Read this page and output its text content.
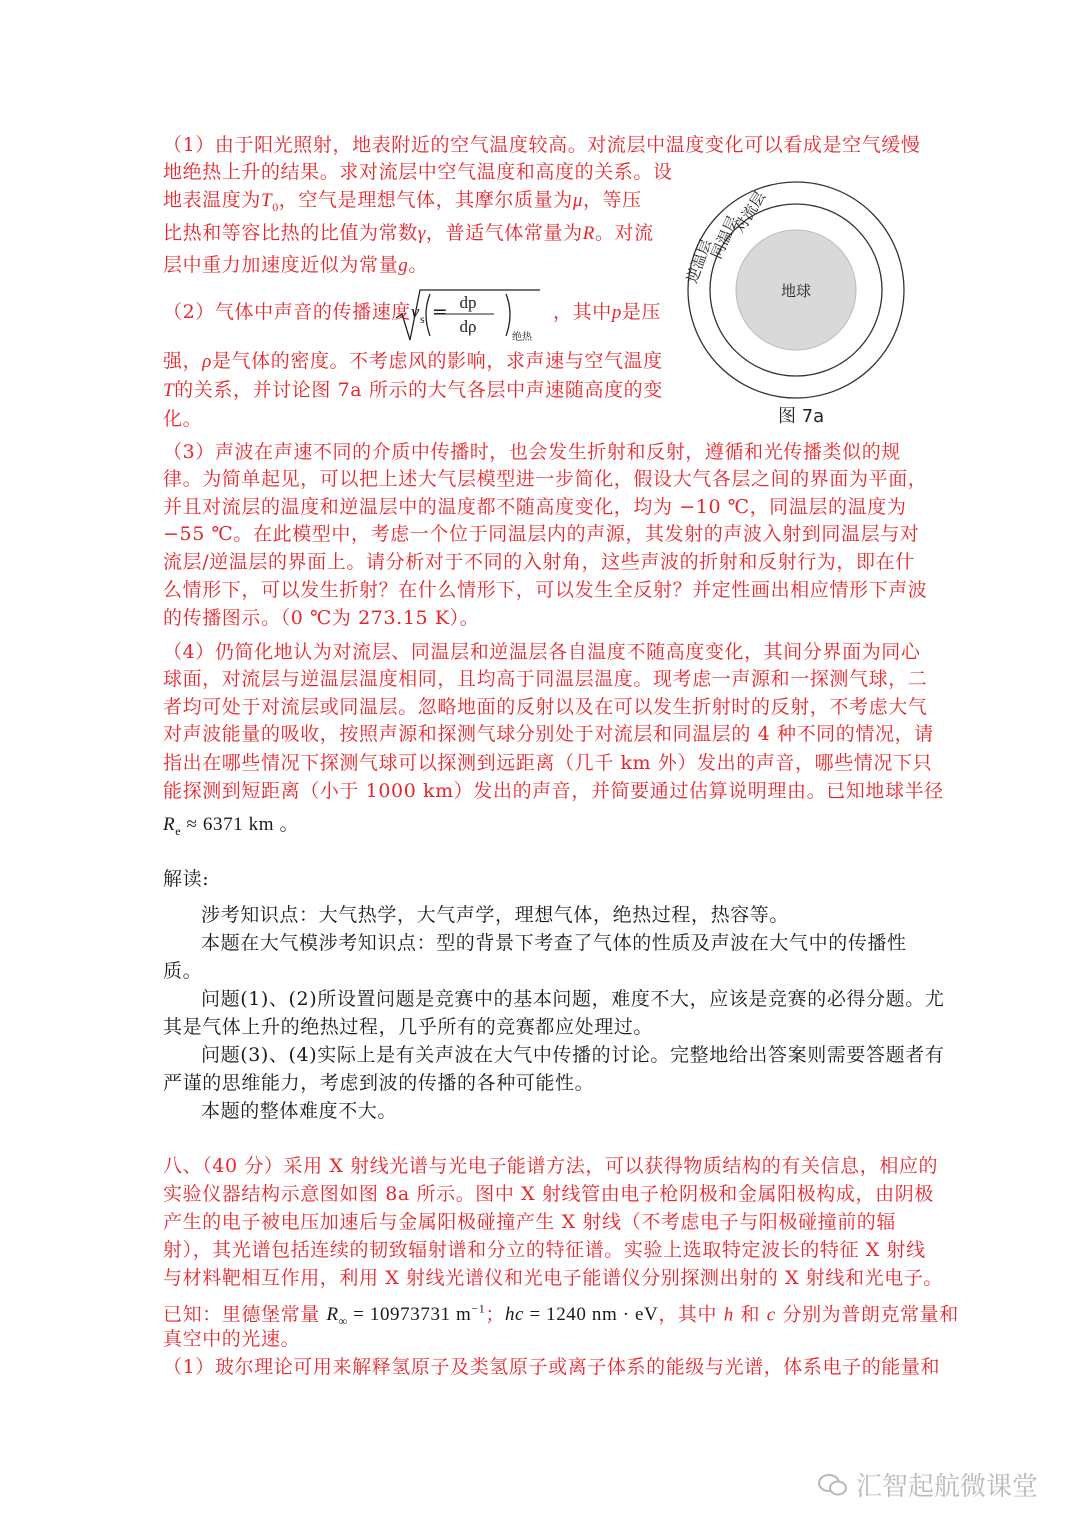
（1）由于阳光照射，地表附近的空气温度较高。对流层中温度变化可以看成是空气缓慢
地绝热上升的结果。求对流层中空气温度和高度的关系。设
地表温度为$T_0$，空气是理想气体，其摩尔质量为μ，等压
比热和等容比热的比值为常数γ，普适气体常量为R。对流
层中重力加速度近似为常量g。
（2）气体中声音的传播速度$v_s$ = dp
dρ
绝热
，其中p是压
强，ρ是气体的密度。不考虑风的影响，求声速与空气温度
T的关系，并讨论图 7a 所示的大气各层中声速随高度的变
化。
地球
对流层
同温层
逆温层
图 7a
（3）声波在声速不同的介质中传播时，也会发生折射和反射，遵循和光传播类似的规
律。为简单起见，可以把上述大气层模型进一步简化，假设大气各层之间的界面为平面，
并且对流层的温度和逆温层中的温度都不随高度变化，均为 −10 ℃，同温层的温度为
−55 ℃。在此模型中，考虑一个位于同温层内的声源，其发射的声波入射到同温层与对
流层/逆温层的界面上。请分析对于不同的入射角，这些声波的折射和反射行为，即在什
么情形下，可以发生折射？在什么情形下，可以发生全反射？并定性画出相应情形下声波
的传播图示。（0 ℃为 273.15 K）。
（4）仍简化地认为对流层、同温层和逆温层各自温度不随高度变化，其间分界面为同心
球面，对流层与逆温层温度相同，且均高于同温层温度。现考虑一声源和一探测气球，二
者均可处于对流层或同温层。忽略地面的反射以及在可以发生折射时的反射，不考虑大气
对声波能量的吸收，按照声源和探测气球分别处于对流层和同温层的 4 种不同的情况，请
指出在哪些情况下探测气球可以探测到远距离（几千 km 外）发出的声音，哪些情况下只
能探测到短距离（小于 1000 km）发出的声音，并简要通过估算说明理由。已知地球半径
$R_e \approx 6371$ km 。
解读:
涉考知识点：大气热学，大气声学，理想气体，绝热过程，热容等。
本题在大气模涉考知识点：型的背景下考查了气体的性质及声波在大气中的传播性
质。
问题(1)、(2)所设置问题是竞赛中的基本问题，难度不大，应该是竞赛的必得分题。尤
其是气体上升的绝热过程，几乎所有的竞赛都应处理过。
问题(3)、(4)实际上是有关声波在大气中传播的讨论。完整地给出答案则需要答题者有
严谨的思维能力，考虑到波的传播的各种可能性。
本题的整体难度不大。
八、（40 分）采用 X 射线光谱与光电子能谱方法，可以获得物质结构的有关信息，相应的
实验仪器结构示意图如图 8a 所示。图中 X 射线管由电子枪阴极和金属阳极构成，由阴极
产生的电子被电压加速后与金属阳极碰撞产生 X 射线（不考虑电子与阳极碰撞前的辐
射），其光谱包括连续的韧致辐射谱和分立的特征谱。实验上选取特定波长的特征 X 射线
与材料靶相互作用，利用 X 射线光谱仪和光电子能谱仪分别探测出射的 X 射线和光电子。
已知：里德堡常量 $R_\infty = 10973731$ $m^{-1}$；hc = 1240 nm · eV，其中 h 和 c 分别为普朗克常量和
真空中的光速。
（1）玻尔理论可用来解释氢原子及类氢原子或离子体系的能级与光谱，体系电子的能量和
汇智起航微课堂
